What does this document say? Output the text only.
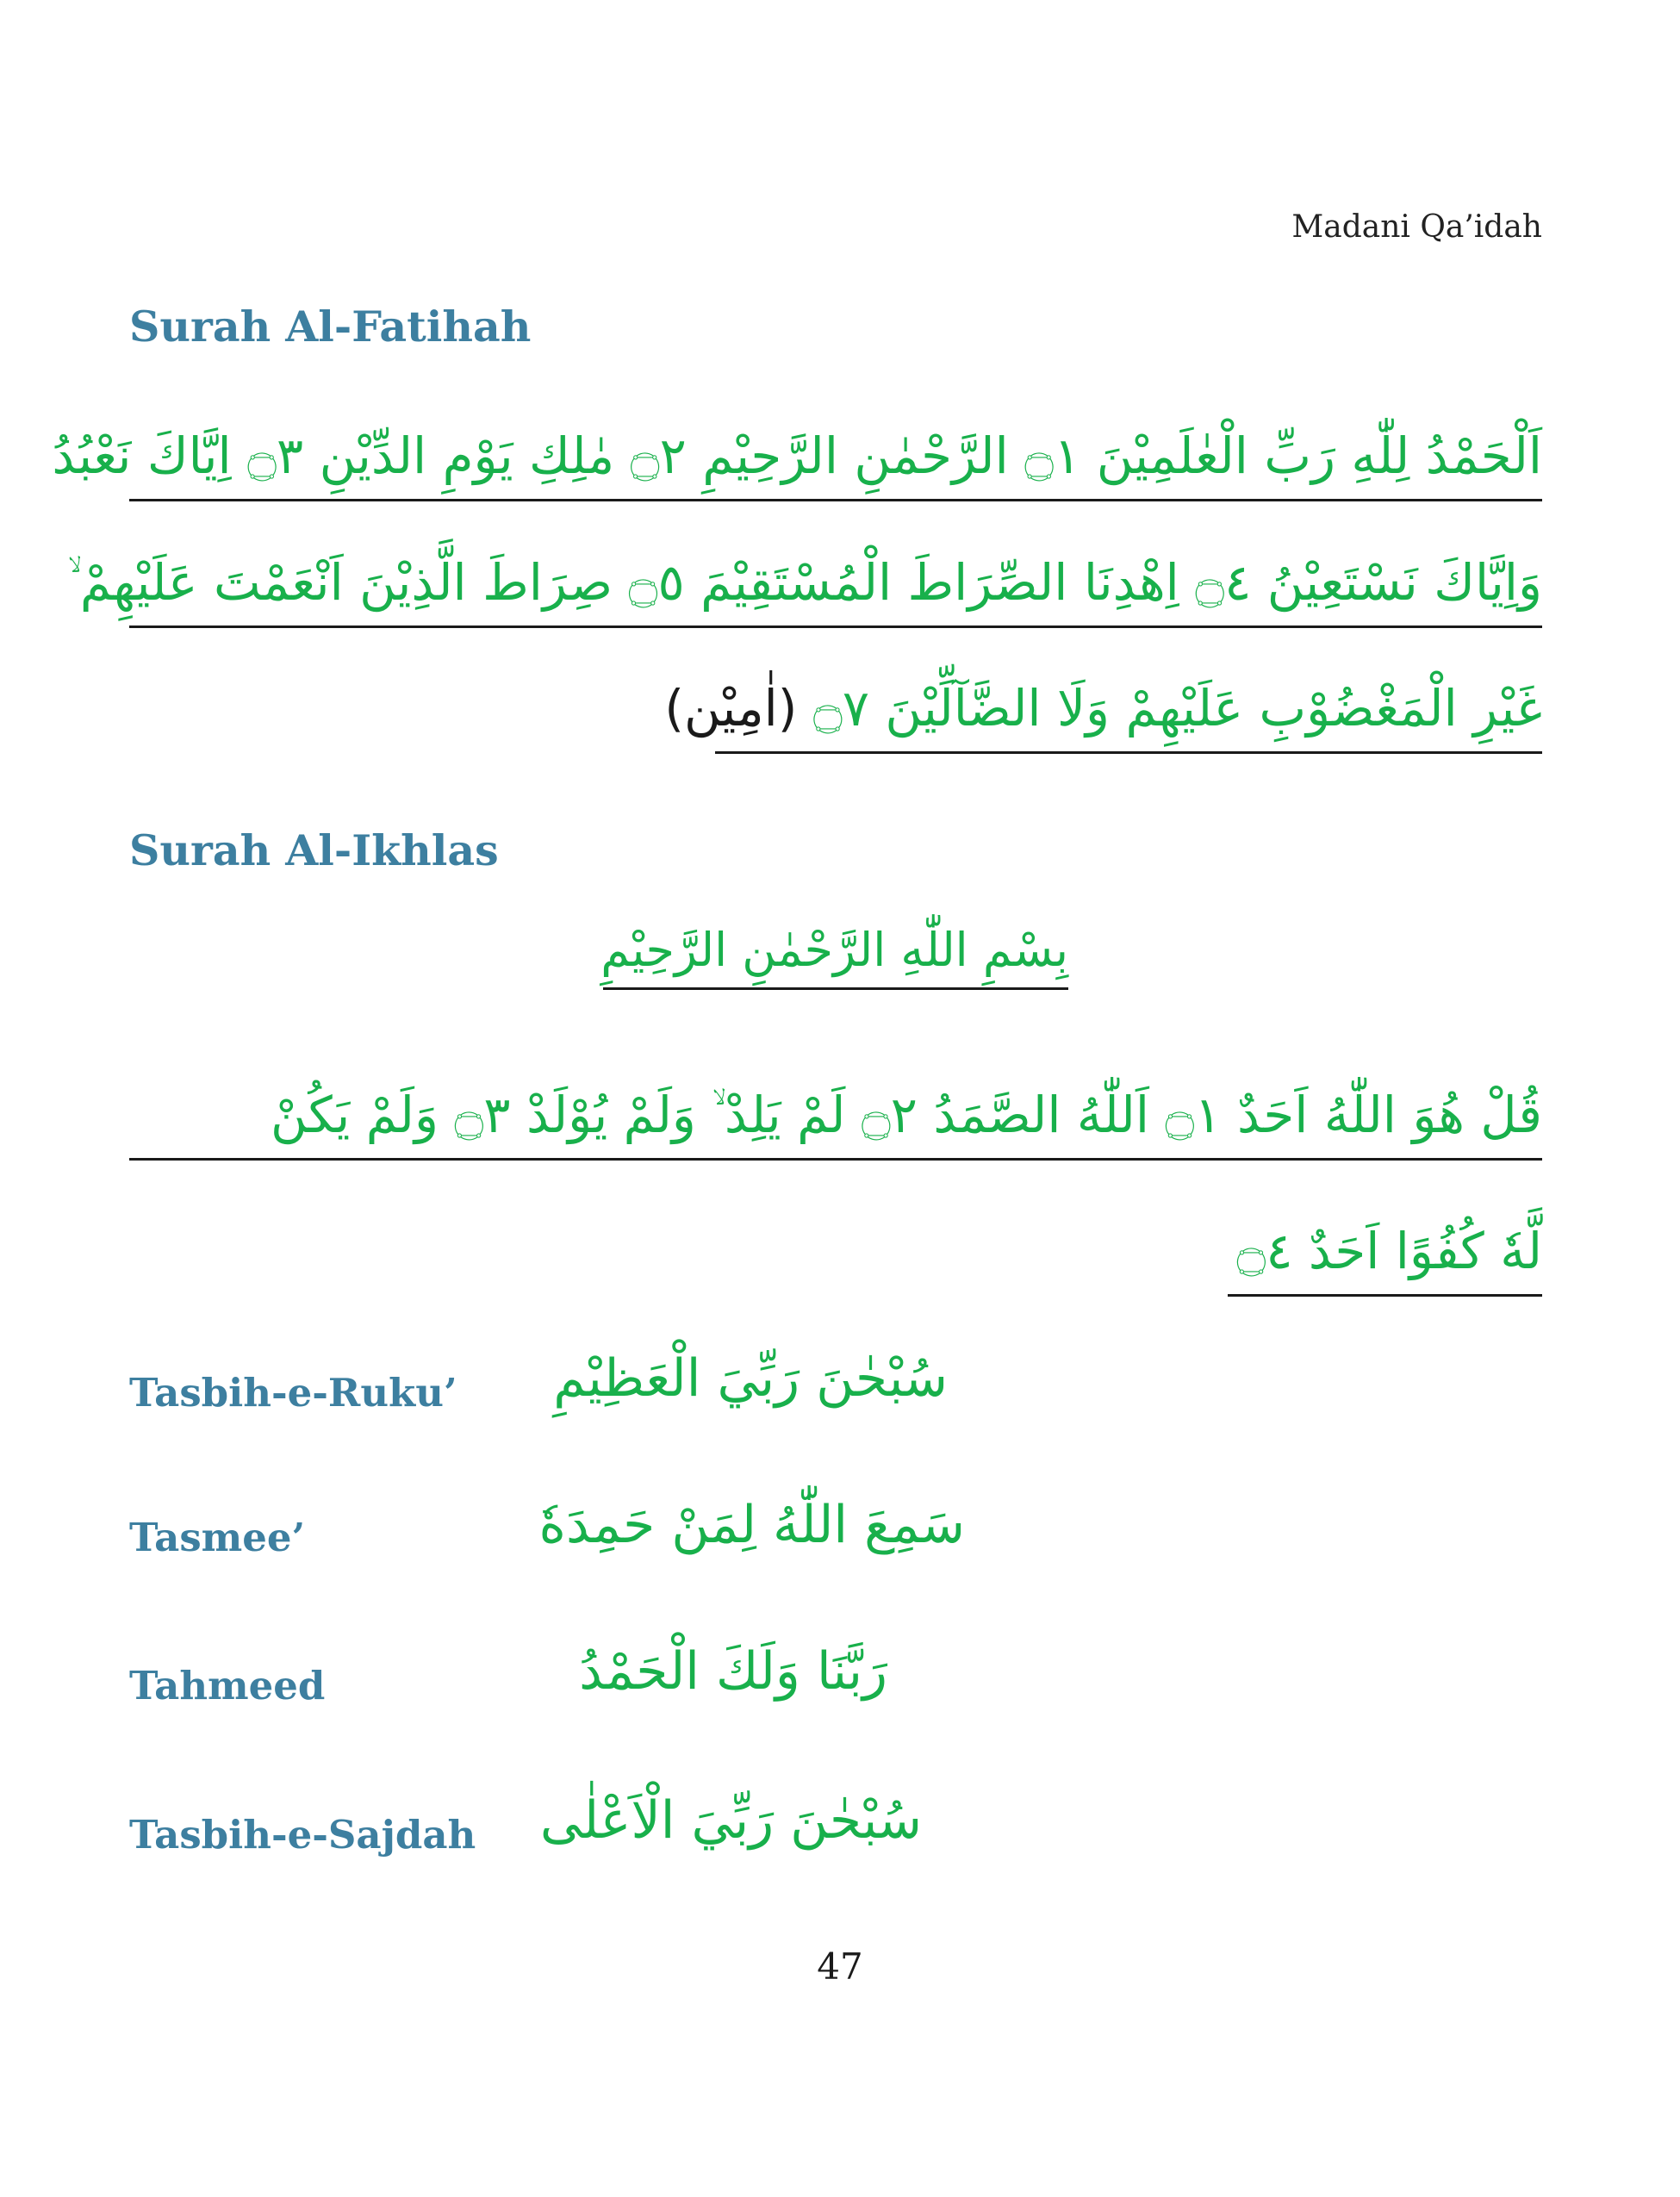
Madani Qa’idah
Surah Al-Fatihah
اَلْحَمْدُ لِلّٰهِ رَبِّ الْعٰلَمِيْنَ ۝١ الرَّحْمٰنِ الرَّحِيْمِ ۝٢ مٰلِكِ يَوْمِ الدِّيْنِ ۝٣ اِيَّاكَ نَعْبُدُ
وَاِيَّاكَ نَسْتَعِيْنُ ۝٤ اِهْدِنَا الصِّرَاطَ الْمُسْتَقِيْمَ ۝٥ صِرَاطَ الَّذِيْنَ اَنْعَمْتَ عَلَيْهِمْ ۙ
غَيْرِ الْمَغْضُوْبِ عَلَيْهِمْ وَلَا الضَّآلِّيْنَ ۝٧ (اٰمِيْن)
Surah Al-Ikhlas
بِسْمِ اللّٰهِ الرَّحْمٰنِ الرَّحِيْمِ
قُلْ هُوَ اللّٰهُ اَحَدٌ ۝١ اَللّٰهُ الصَّمَدُ ۝٢ لَمْ يَلِدْ ۙ وَلَمْ يُوْلَدْ ۝٣ وَلَمْ يَكُنْ
لَّهٗ كُفُوًا اَحَدٌ ۝٤
Tasbih-e-Ruku’ سُبْحٰنَ رَبِّيَ الْعَظِيْمِ
Tasmee’	سَمِعَ اللّٰهُ لِمَنْ حَمِدَهٗ
Tahmeed	رَبَّنَا وَلَكَ الْحَمْدُ
Tasbih-e-Sajdah سُبْحٰنَ رَبِّيَ الْاَعْلٰى
47
